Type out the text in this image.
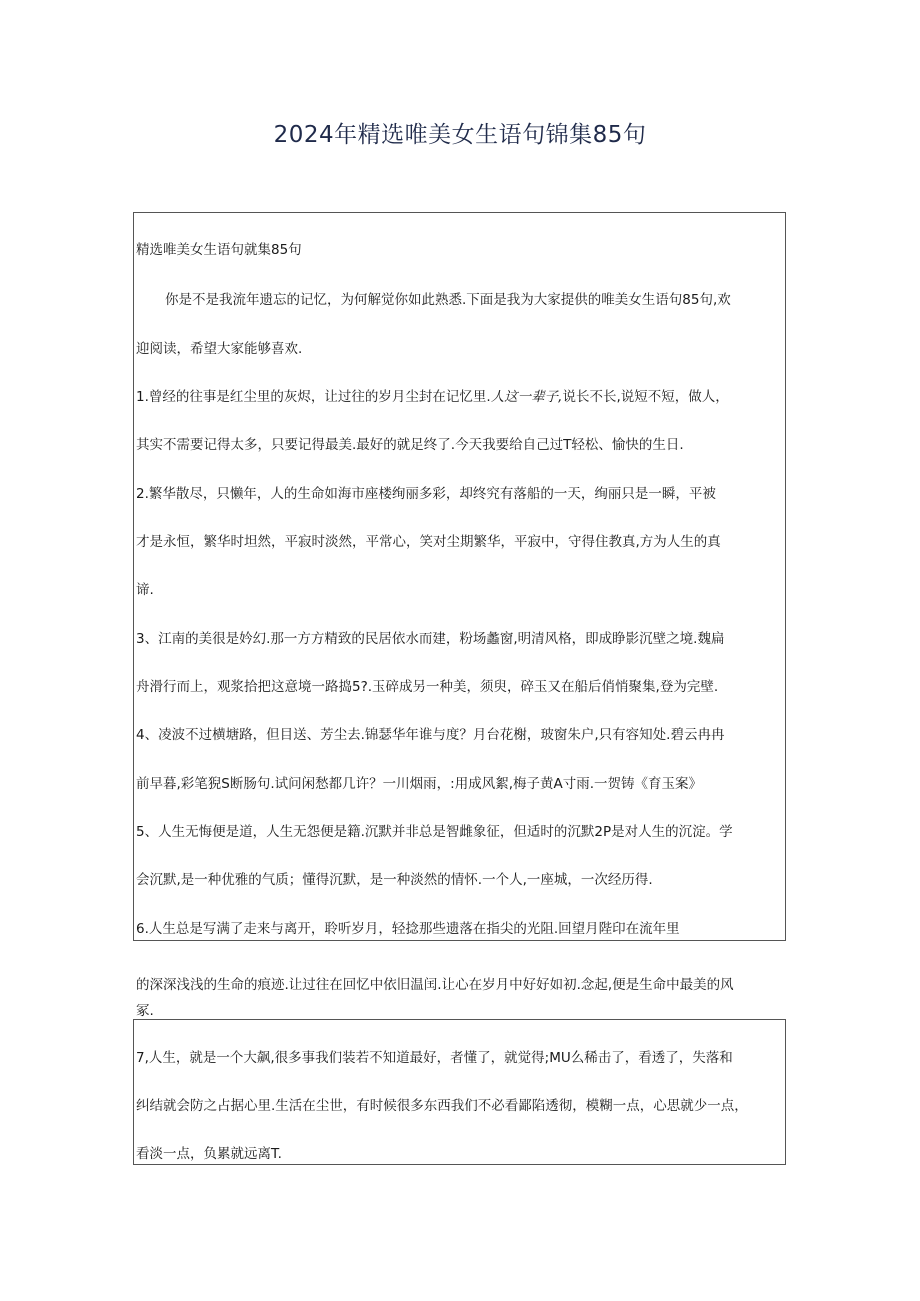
2024年精选唯美女生语句锦集85句
精选唯美女生语句就集85句
你是不是我流年遗忘的记忆，为何解觉你如此熟悉.下面是我为大家提供的唯美女生语句85句,欢
迎阅读，希望大家能够喜欢.
1.曾经的往事是红尘里的灰烬，让过往的岁月尘封在记忆里.人这一辈子,说长不长,说短不短，做人，
其实不需要记得太多，只要记得最美.最好的就足终了.今天我要给自己过T轻松、愉快的生日.
2.繁华散尽，只懒年，人的生命如海市座楼绚丽多彩，却终究有落船的一天，绚丽只是一瞬，平被
才是永恒，繁华时坦然，平寂时淡然，平常心，笑对尘期繁华，平寂中，守得住教真,方为人生的真
谛.
3、江南的美很是妗幻.那一方方精致的民居依水而建，粉场蠡窗,明清风格，即成睁影沉壁之境.魏扁
舟滑行而上，观浆拾把这意境一路捣5?.玉碎成另一种美，须臾，碎玉又在船后俏悄聚集,登为完壁.
4、凌波不过横塘路，但目送、芳尘去.锦瑟华年谁与度？月台花榭，玻窗朱户,只有容知处.碧云冉冉
前早暮,彩笔猊S断肠句.试问闲愁都几许？一川烟雨，:用成风絮,梅子黄A寸雨.一贺铸《育玉案》
5、人生无悔便是道，人生无怨便是籍.沉默并非总是智雌象征，但适时的沉默2P是对人生的沉淀。学
会沉默,是一种优雅的气质；懂得沉默，是一种淡然的情怀.一个人,一座城，一次经历得.
6.人生总是写满了走来与离开，聆听岁月，轻捻那些遗落在指尖的光阻.回望月陛印在流年里
的深深浅浅的生命的痕迹.让过往在回忆中依旧温闰.让心在岁月中好好如初.念起,便是生命中最美的风
冢.
7,人生，就是一个大飙,很多事我们装若不知道最好，者懂了，就觉得;MU么稀击了，看透了，失落和
纠结就会防之占据心里.生活在尘世，有时候很多东西我们不必看鄙陷透彻，模糊一点，心思就少一点，
看淡一点，负累就远离T.
